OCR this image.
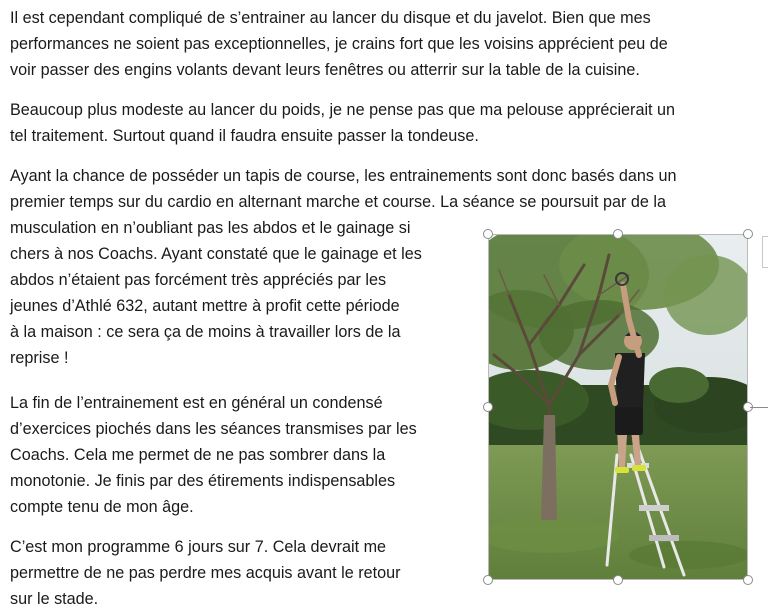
Il est cependant compliqué de s’entrainer au lancer du disque et du javelot. Bien que mes
performances ne soient pas exceptionnelles, je crains fort que les voisins apprécient peu de
voir passer des engins volants devant leurs fenêtres ou atterrir sur la table de la cuisine.

Beaucoup plus modeste au lancer du poids, je ne pense pas que ma pelouse apprécierait un
tel traitement. Surtout quand il faudra ensuite passer la tondeuse.

Ayant la chance de posséder un tapis de course, les entrainements sont donc basés dans un
premier temps sur du cardio en alternant marche et course. La séance se poursuit par de la
musculation en n’oubliant pas les abdos et le gainage si
chers à nos Coachs. Ayant constaté que le gainage et les
abdos n’étaient pas forcément très appréciés par les
jeunes d’Athlé 632, autant mettre à profit cette période
à la maison : ce sera ça de moins à travailler lors de la
reprise !

La fin de l’entrainement est en général un condensé
d’exercices piochés dans les séances transmises par les
Coachs. Cela me permet de ne pas sombrer dans la
monotonie. Je finis par des étirements indispensables
compte tenu de mon âge.

C’est mon programme 6 jours sur 7. Cela devrait me
permettre de ne pas perdre mes acquis avant le retour
sur le stade.
